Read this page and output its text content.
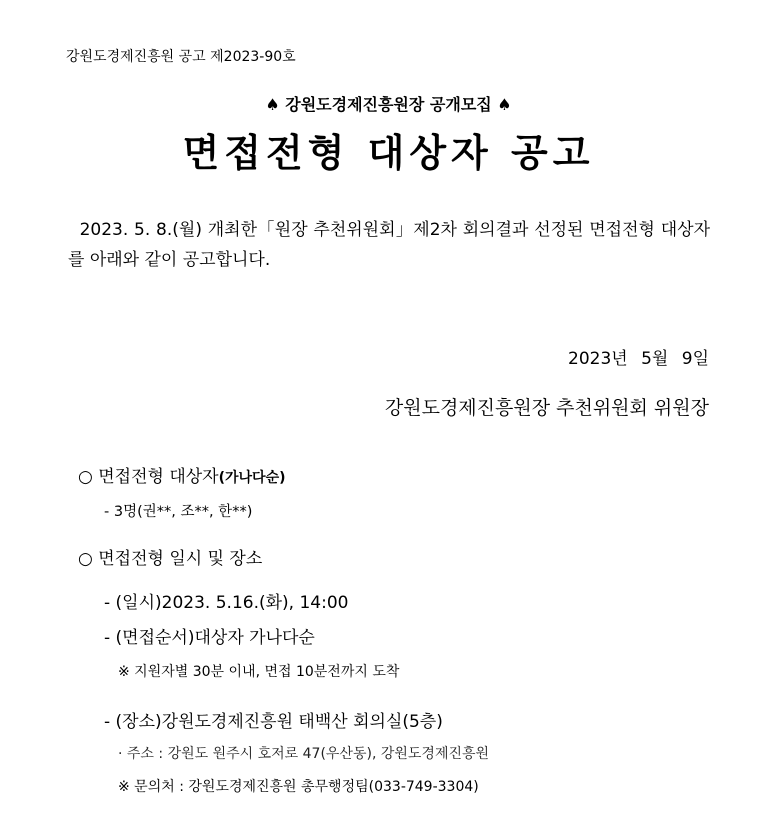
강원도경제진흥원 공고 제2023-90호
♠ 강원도경제진흥원장 공개모집 ♠
면접전형 대상자 공고
2023. 5. 8.(월) 개최한「원장 추천위원회」제2차 회의결과 선정된 면접전형 대상자를 아래와 같이 공고합니다.
2023년 5월 9일
강원도경제진흥원장 추천위원회 위원장
○ 면접전형 대상자(가나다순)
- 3명(권**, 조**, 한**)
○ 면접전형 일시 및 장소
- (일시)2023. 5.16.(화), 14:00
- (면접순서)대상자 가나다순
※ 지원자별 30분 이내, 면접 10분전까지 도착
- (장소)강원도경제진흥원 태백산 회의실(5층)
· 주소 : 강원도 원주시 호저로 47(우산동), 강원도경제진흥원
※ 문의처 : 강원도경제진흥원 총무행정팀(033-749-3304)
